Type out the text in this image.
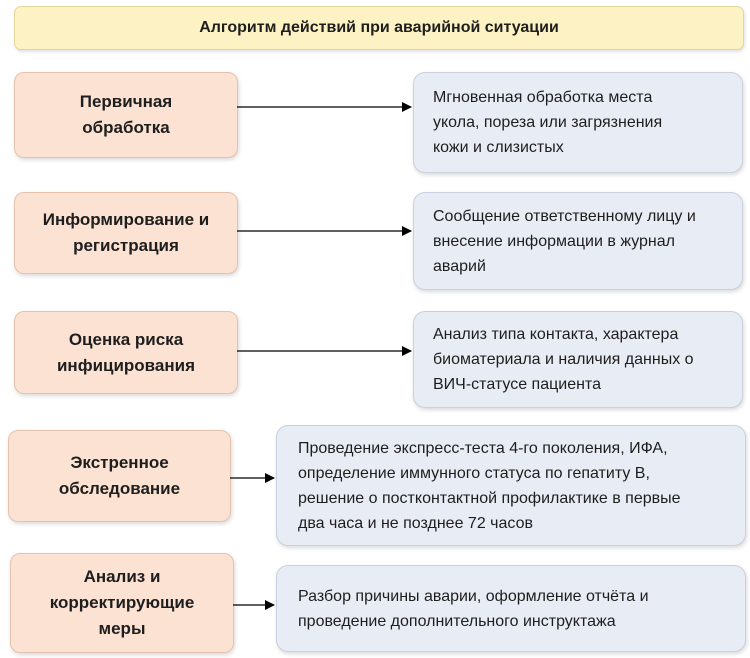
Алгоритм действий при аварийной ситуации
Первичная
обработка
Мгновенная обработка места
укола, пореза или загрязнения
кожи и слизистых
Информирование и
регистрация
Сообщение ответственному лицу и
внесение информации в журнал
аварий
Оценка риска
инфицирования
Анализ типа контакта, характера
биоматериала и наличия данных о
ВИЧ-статусе пациента
Экстренное
обследование
Проведение экспресс-теста 4-го поколения, ИФА,
определение иммунного статуса по гепатиту В,
решение о постконтактной профилактике в первые
два часа и не позднее 72 часов
Анализ и
корректирующие
меры
Разбор причины аварии, оформление отчёта и
проведение дополнительного инструктажа
